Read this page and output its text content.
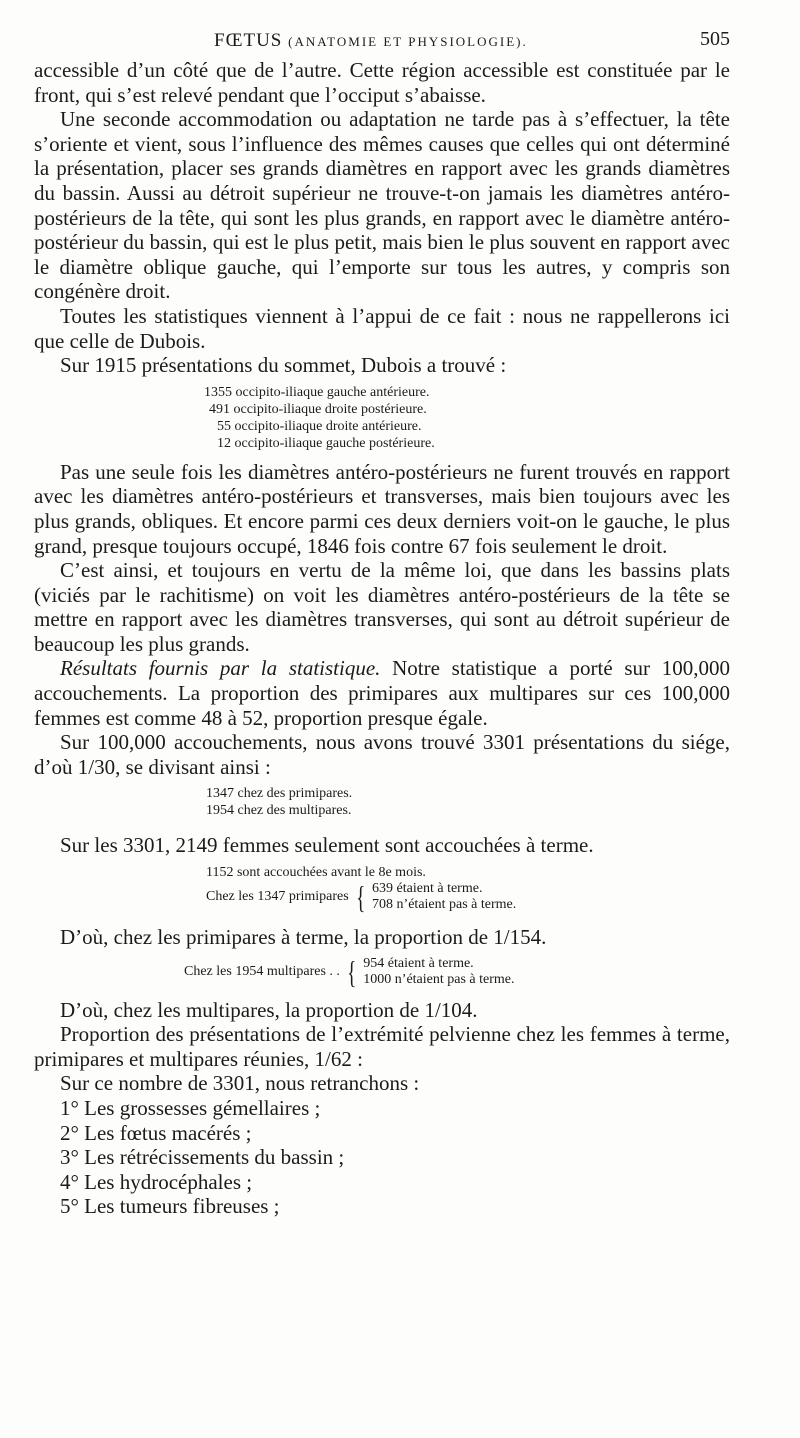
FŒTUS (ANATOMIE ET PHYSIOLOGIE).	505

accessible d’un côté que de l’autre. Cette région accessible est constituée par le front, qui s’est relevé pendant que l’occiput s’abaisse.

Une seconde accommodation ou adaptation ne tarde pas à s’effectuer, la tête s’oriente et vient, sous l’influence des mêmes causes que celles qui ont déterminé la présentation, placer ses grands diamètres en rapport avec les grands diamètres du bassin. Aussi au détroit supérieur ne trouve-t-on jamais les diamètres antéro-postérieurs de la tête, qui sont les plus grands, en rapport avec le diamètre antéro-postérieur du bassin, qui est le plus petit, mais bien le plus souvent en rapport avec le diamètre oblique gauche, qui l’emporte sur tous les autres, y compris son congénère droit.

Toutes les statistiques viennent à l’appui de ce fait : nous ne rappellerons ici que celle de Dubois.

Sur 1915 présentations du sommet, Dubois a trouvé :

1355 occipito-iliaque gauche antérieure.
491 occipito-iliaque droite postérieure.
55 occipito-iliaque droite antérieure.
12 occipito-iliaque gauche postérieure.

Pas une seule fois les diamètres antéro-postérieurs ne furent trouvés en rapport avec les diamètres antéro-postérieurs et transverses, mais bien toujours avec les plus grands, obliques. Et encore parmi ces deux derniers voit-on le gauche, le plus grand, presque toujours occupé, 1846 fois contre 67 fois seulement le droit.

C’est ainsi, et toujours en vertu de la même loi, que dans les bassins plats (viciés par le rachitisme) on voit les diamètres antéro-postérieurs de la tête se mettre en rapport avec les diamètres transverses, qui sont au détroit supérieur de beaucoup les plus grands.

Résultats fournis par la statistique. Notre statistique a porté sur 100,000 accouchements. La proportion des primipares aux multipares sur ces 100,000 femmes est comme 48 à 52, proportion presque égale.

Sur 100,000 accouchements, nous avons trouvé 3301 présentations du siége, d’où 1/30, se divisant ainsi :

1347 chez des primipares.
1954 chez des multipares.

Sur les 3301, 2149 femmes seulement sont accouchées à terme.

1152 sont accouchées avant le 8e mois.
Chez les 1347 primipares { 639 étaient à terme.
708 n’étaient pas à terme.

D’où, chez les primipares à terme, la proportion de 1/154.

Chez les 1954 multipares . . { 954 étaient à terme.
1000 n’étaient pas à terme.

D’où, chez les multipares, la proportion de 1/104.

Proportion des présentations de l’extrémité pelvienne chez les femmes à terme, primipares et multipares réunies, 1/62 :

Sur ce nombre de 3301, nous retranchons :

1° Les grossesses gémellaires ;

2° Les fœtus macérés ;

3° Les rétrécissements du bassin ;

4° Les hydrocéphales ;

5° Les tumeurs fibreuses ;
